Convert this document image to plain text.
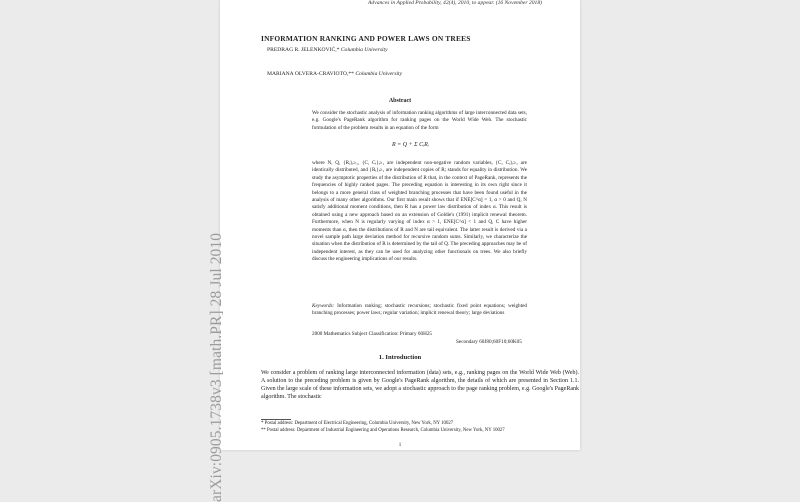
Advances in Applied Probability, 42(4), 2010, to appear. (16 November 2018)

arXiv:0905.1738v3 [math.PR] 28 Jul 2010

INFORMATION RANKING AND POWER LAWS ON TREES

PREDRAG R. JELENKOVIĆ,* Columbia University

MARIANA OLVERA-CRAVIOTO,** Columbia University

Abstract

We consider the stochastic analysis of information ranking algorithms of large interconnected data sets, e.g. Google's PageRank algorithm for ranking pages on the World Wide Web. The stochastic formulation of the problem results in an equation of the form

R = Q + Σ CᵢRᵢ

where N, Q, {Rᵢ}ᵢ≥₁, {C, Cᵢ}ᵢ≥₁ are independent non-negative random variables, {C, Cᵢ}ᵢ≥₁ are identically distributed, and {Rᵢ}ᵢ≥₁ are independent copies of R; stands for equality in distribution. We study the asymptotic properties of the distribution of R that, in the context of PageRank, represents the frequencies of highly ranked pages. The preceding equation is interesting in its own right since it belongs to a more general class of weighted branching processes that have been found useful in the analysis of many other algorithms. Our first main result shows that if ENE[C^α] = 1, α > 0 and Q, N satisfy additional moment conditions, then R has a power law distribution of index α. This result is obtained using a new approach based on an extension of Goldie's (1991) implicit renewal theorem. Furthermore, when N is regularly varying of index α > 1, ENE[C^α] < 1 and Q, C have higher moments than α, then the distributions of R and N are tail equivalent. The latter result is derived via a novel sample path large deviation method for recursive random sums. Similarly, we characterize the situation when the distribution of R is determined by the tail of Q. The preceding approaches may be of independent interest, as they can be used for analyzing other functionals on trees. We also briefly discuss the engineering implications of our results.

Keywords: Information ranking; stochastic recursions; stochastic fixed point equations; weighted branching processes; power laws; regular variation; implicit renewal theory; large deviations

2000 Mathematics Subject Classification: Primary 60H25

Secondary 60J80;60F10;60K05

1. Introduction

We consider a problem of ranking large interconnected information (data) sets, e.g., ranking pages on the World Wide Web (Web). A solution to the preceding problem is given by Google's PageRank algorithm, the details of which are presented in Section 1.1. Given the large scale of these information sets, we adopt a stochastic approach to the page ranking problem, e.g. Google's PageRank algorithm. The stochastic

* Postal address: Department of Electrical Engineering, Columbia University, New York, NY 10027

** Postal address: Department of Industrial Engineering and Operations Research, Columbia University, New York, NY 10027

1
